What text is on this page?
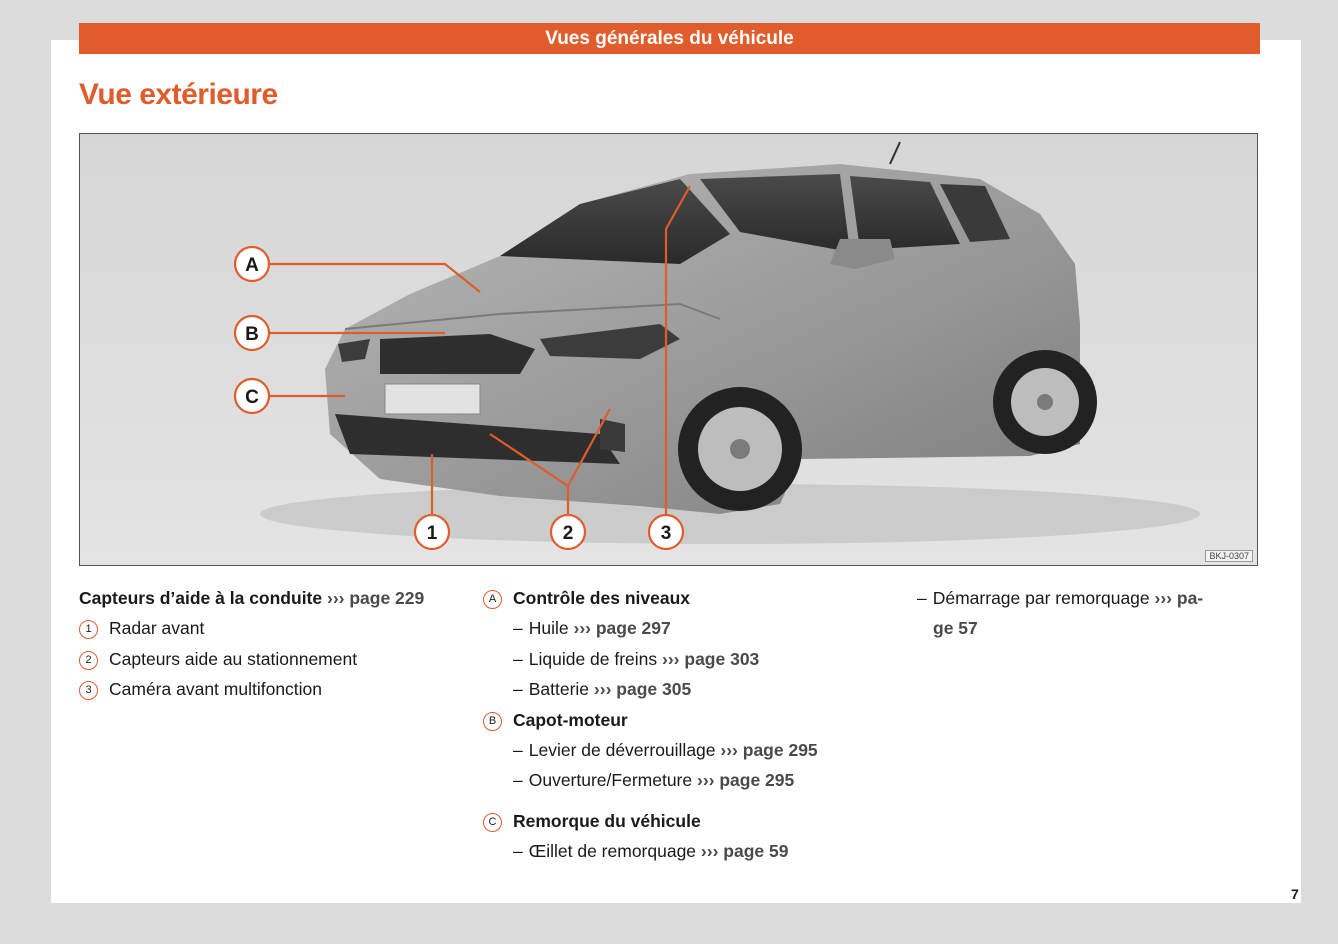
Vues générales du véhicule
Vue extérieure
A
B
C
1	2	3
BKJ-0307
Capteurs d’aide à la conduite ››› page 229
1 Radar avant
2 Capteurs aide au stationnement
3 Caméra avant multifonction
A Contrôle des niveaux
– Huile ››› page 297
– Liquide de freins ››› page 303
– Batterie ››› page 305
B Capot-moteur
– Levier de déverrouillage ››› page 295
– Ouverture/Fermeture ››› page 295
C Remorque du véhicule
– Œillet de remorquage ››› page 59
– Démarrage par remorquage ››› pa-
ge 57
7
